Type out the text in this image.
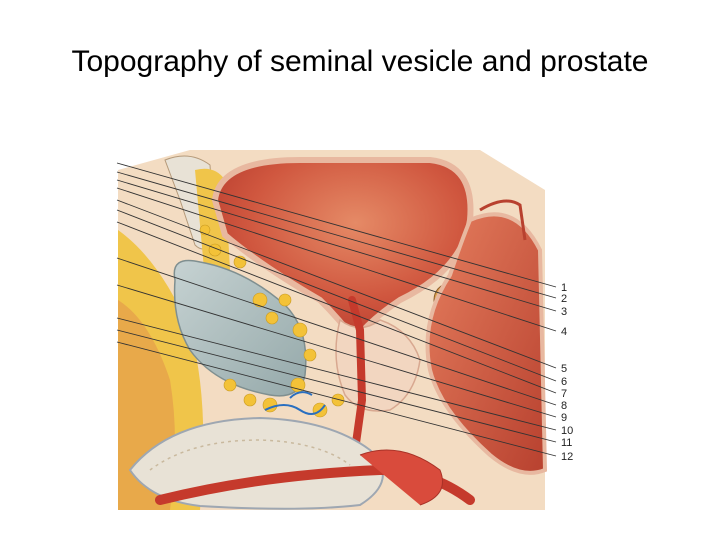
Topography of seminal vesicle and prostate
1
2
3
4
5
6
7
8
9
10
11
12
